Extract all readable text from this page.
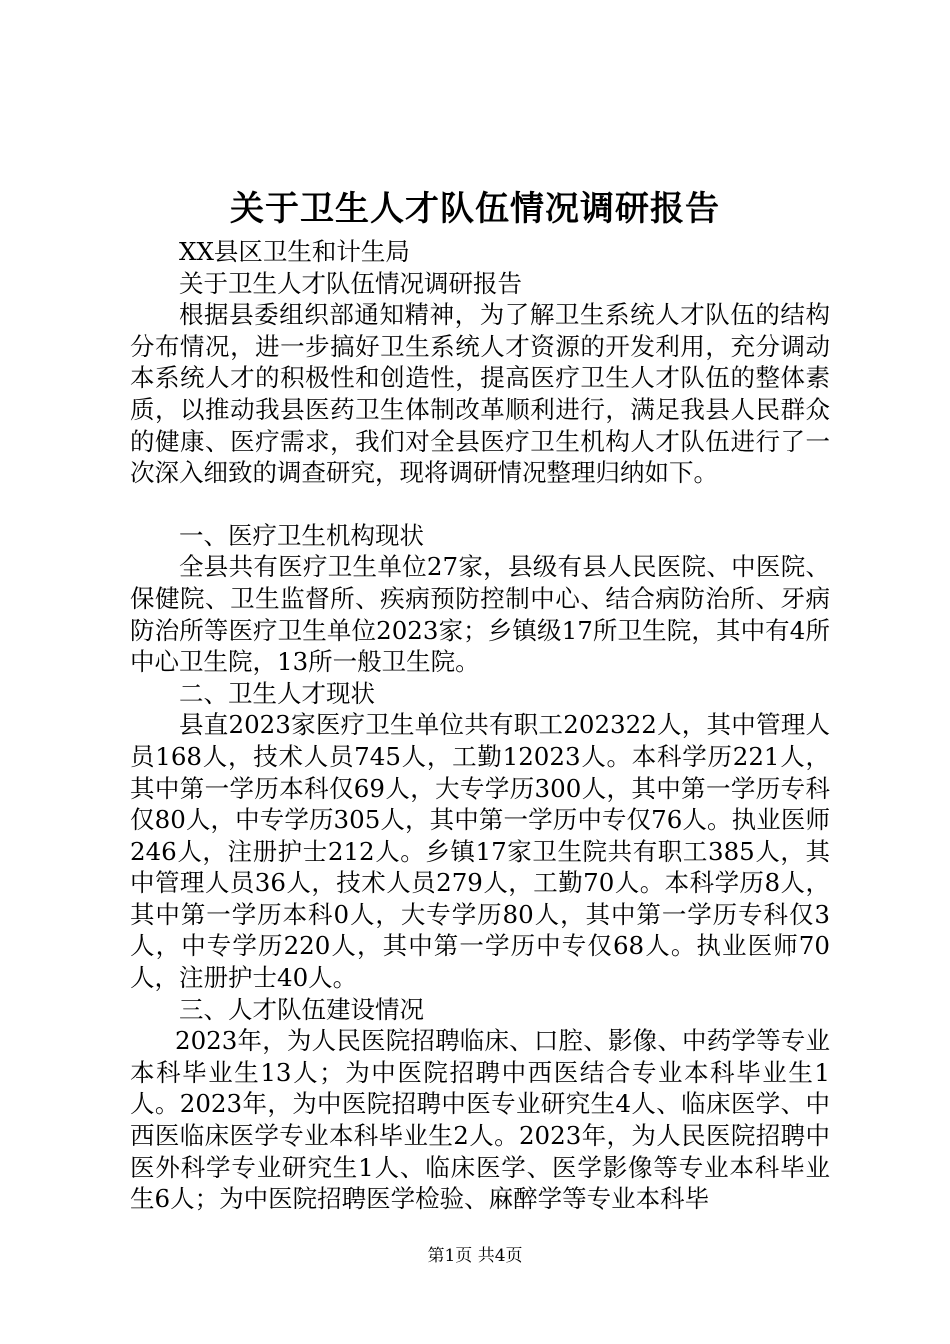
关于卫生人才队伍情况调研报告

XX县区卫生和计生局

关于卫生人才队伍情况调研报告

根据县委组织部通知精神，为了解卫生系统人才队伍的结构分布情况，进一步搞好卫生系统人才资源的开发利用，充分调动本系统人才的积极性和创造性，提高医疗卫生人才队伍的整体素质，以推动我县医药卫生体制改革顺利进行，满足我县人民群众的健康、医疗需求，我们对全县医疗卫生机构人才队伍进行了一次深入细致的调查研究，现将调研情况整理归纳如下。

一、医疗卫生机构现状

全县共有医疗卫生单位27家，县级有县人民医院、中医院、保健院、卫生监督所、疾病预防控制中心、结合病防治所、牙病防治所等医疗卫生单位2023家；乡镇级17所卫生院，其中有4所中心卫生院，13所一般卫生院。

二、卫生人才现状

县直2023家医疗卫生单位共有职工202322人，其中管理人员168人，技术人员745人，工勤12023人。本科学历221人，其中第一学历本科仅69人，大专学历300人，其中第一学历专科仅80人，中专学历305人，其中第一学历中专仅76人。执业医师246人，注册护士212人。乡镇17家卫生院共有职工385人，其中管理人员36人，技术人员279人，工勤70人。本科学历8人，其中第一学历本科0人，大专学历80人，其中第一学历专科仅3人，中专学历220人，其中第一学历中专仅68人。执业医师70人，注册护士40人。

三、人才队伍建设情况

2023年，为人民医院招聘临床、口腔、影像、中药学等专业本科毕业生13人；为中医院招聘中西医结合专业本科毕业生1人。2023年，为中医院招聘中医专业研究生4人、临床医学、中西医临床医学专业本科毕业生2人。2023年，为人民医院招聘中医外科学专业研究生1人、临床医学、医学影像等专业本科毕业生6人；为中医院招聘医学检验、麻醉学等专业本科毕

第1页 共4页
